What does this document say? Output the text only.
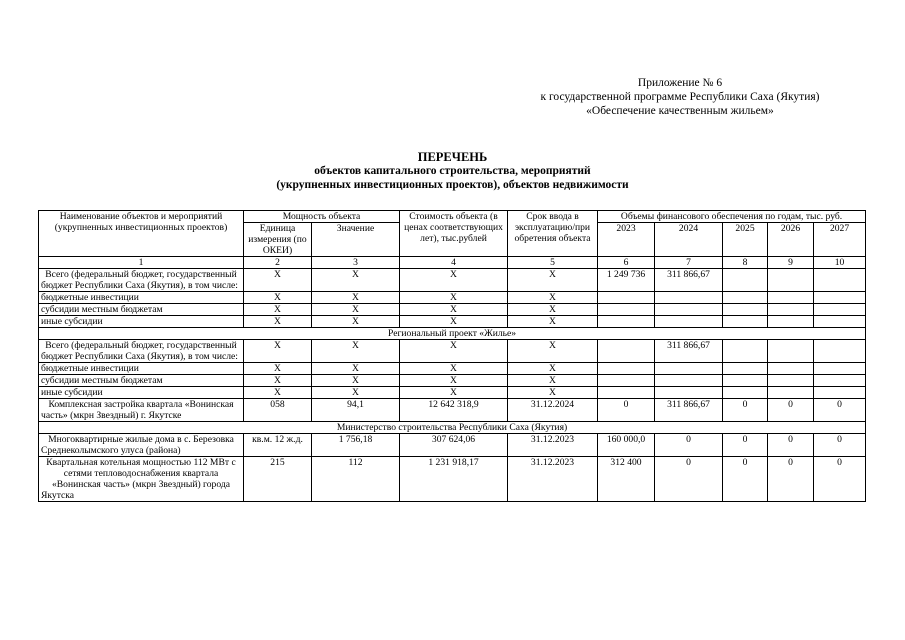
Приложение № 6
к государственной программе Республики Саха (Якутия)
«Обеспечение качественным жильем»
ПЕРЕЧЕНЬ
объектов капитального строительства, мероприятий
(укрупненных инвестиционных проектов), объектов недвижимости
Наименование объектов и мероприятий (укрупненных инвестиционных проектов)	Мощность объекта		Стоимость объекта (в ценах соответствующих лет), тыс.рублей	Срок ввода в эксплуатацию/при обретения объекта	Объемы финансового обеспечения по годам, тыс. руб.				
	Единица измерения (по ОКЕИ)	Значение			2023	2024	2025	2026	2027
1	2	3	4	5	6	7	8	9	10
Всего (федеральный бюджет, государственный бюджет Республики Саха (Якутия), в том числе:	Х	Х	Х	Х	1 249 736	311 866,67			
бюджетные инвестиции	Х	Х	Х	Х					
субсидии местным бюджетам	Х	Х	Х	Х					
иные субсидии	Х	Х	Х	Х					
Региональный проект «Жилье»									
Всего (федеральный бюджет, государственный бюджет Республики Саха (Якутия), в том числе:	Х	Х	Х	Х		311 866,67			
бюджетные инвестиции	Х	Х	Х	Х					
субсидии местным бюджетам	Х	Х	Х	Х					
иные субсидии	Х	Х	Х	Х					
Комплексная застройка квартала «Вонинская часть» (мкрн Звездный) г. Якутске	058	94,1	12 642 318,9	31.12.2024	0	311 866,67	0	0	0
Министерство строительства Республики Саха (Якутия)									
Многоквартирные жилые дома в с. Березовка Среднеколымского улуса (района)	кв.м. 12 ж.д.	1 756,18	307 624,06	31.12.2023	160 000,0	0	0	0	0
Квартальная котельная мощностью 112 МВт с сетями тепловодоснабжения квартала «Вонинская часть» (мкрн Звездный) города Якутска	215	112	1 231 918,17	31.12.2023	312 400	0	0	0	0
